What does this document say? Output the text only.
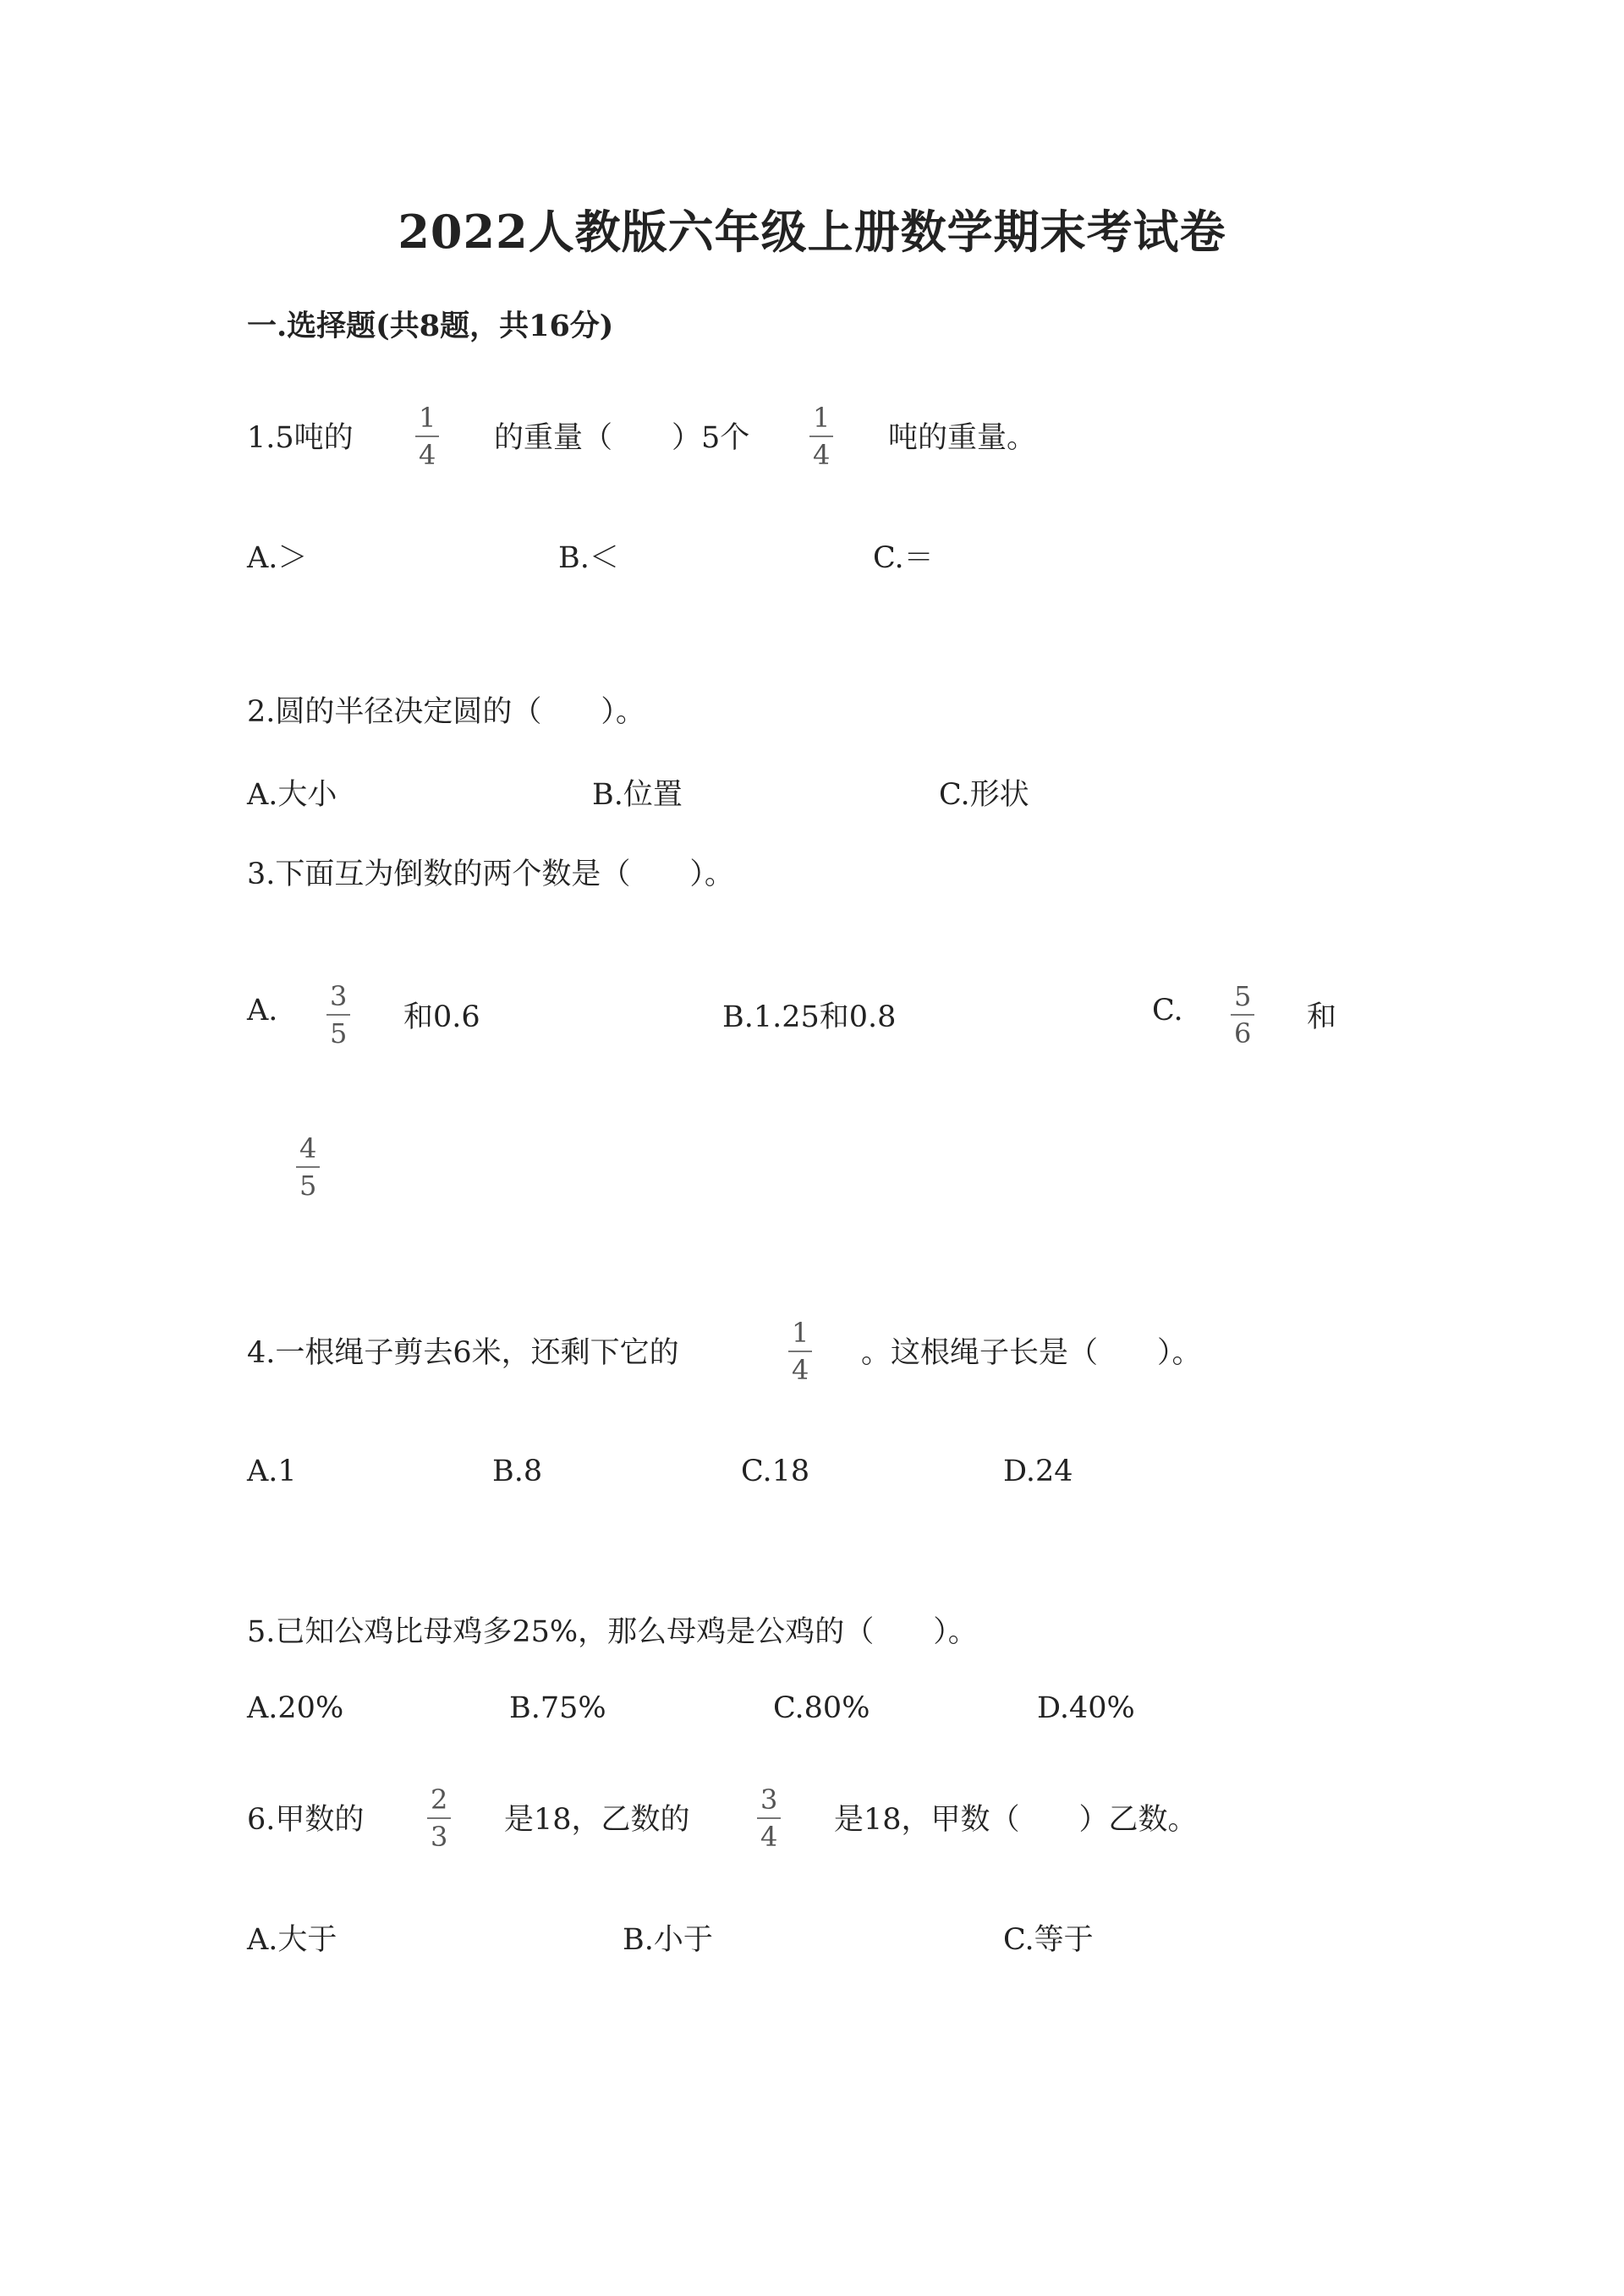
2022人教版六年级上册数学期末考试卷
一.选择题(共8题，共16分)
1.5吨的
1
4 的重量（　　）5个
1
4 吨的重量。
A.＞	B.＜	C.＝
2.圆的半径决定圆的（　　）。
A.大小	B.位置	C.形状
3.下面互为倒数的两个数是（　　）。
A. 3
5 和0.6	B.1.25和0.8	C. 5
6 和
4
5
4.一根绳子剪去6米，还剩下它的
1
4 。这根绳子长是（　　）。
A.1	B.8	C.18	D.24
5.已知公鸡比母鸡多25%，那么母鸡是公鸡的（　　）。
A.20%	B.75%	C.80%	D.40%
6.甲数的
2
3 是18，乙数的
3
4 是18，甲数（　　）乙数。
A.大于	B.小于	C.等于
